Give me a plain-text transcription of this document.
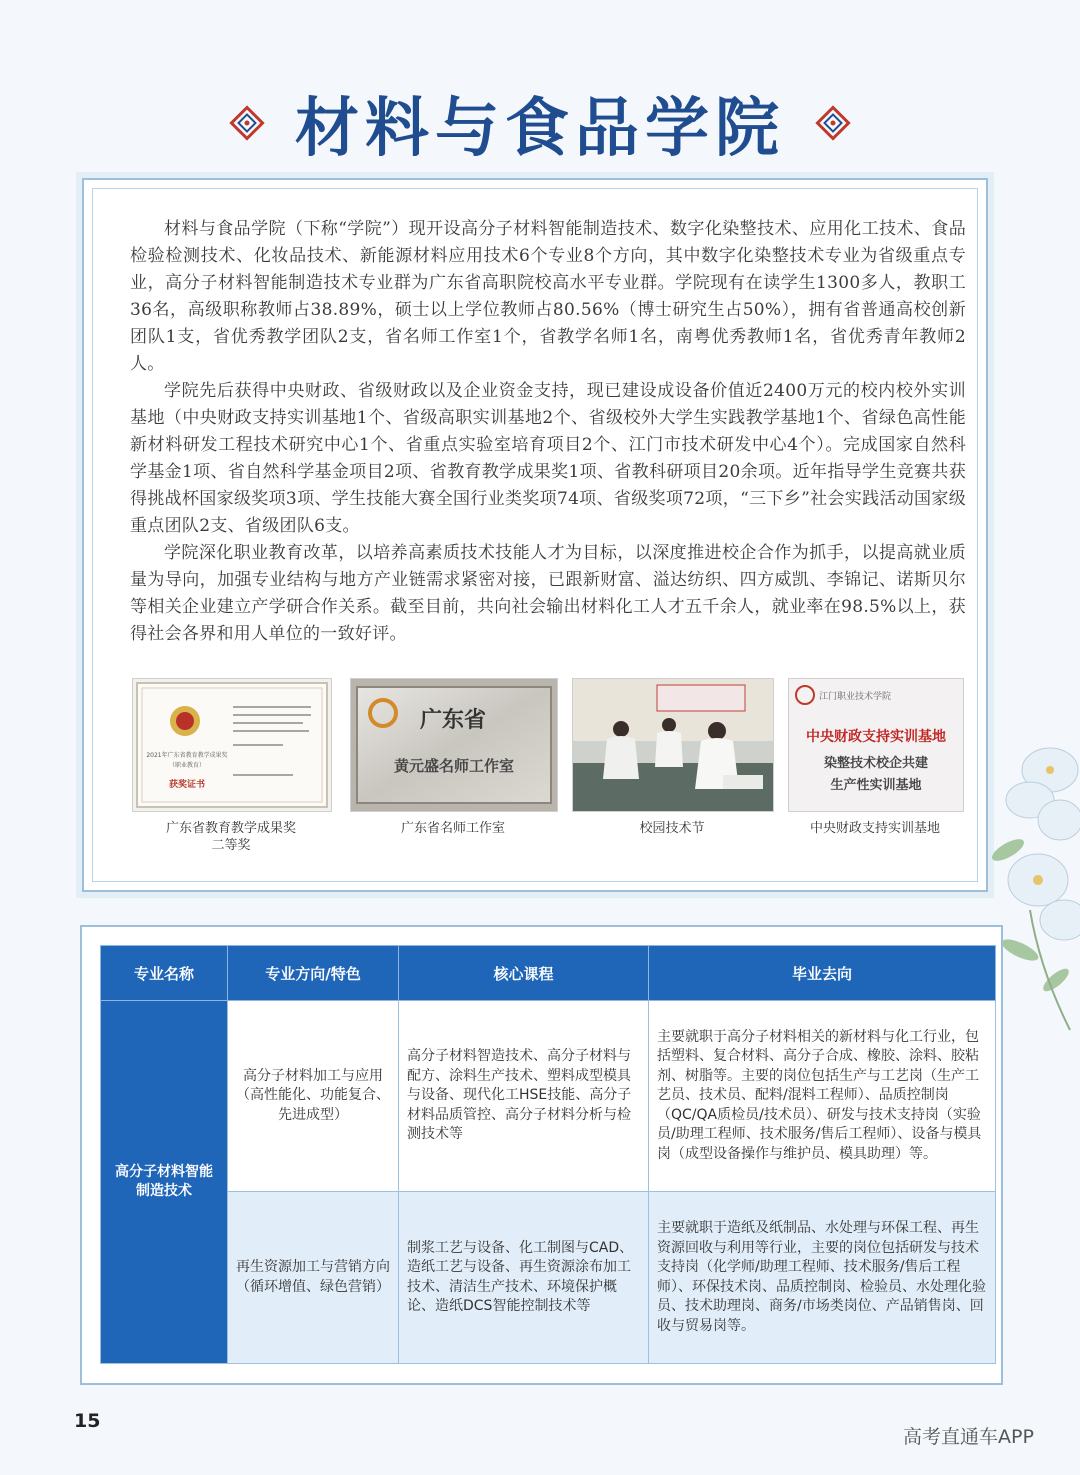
材料与食品学院

材料与食品学院（下称“学院”）现开设高分子材料智能制造技术、数字化染整技术、应用化工技术、食品检验检测技术、化妆品技术、新能源材料应用技术6个专业8个方向，其中数字化染整技术专业为省级重点专业，高分子材料智能制造技术专业群为广东省高职院校高水平专业群。学院现有在读学生1300多人，教职工36名，高级职称教师占38.89%，硕士以上学位教师占80.56%（博士研究生占50%），拥有省普通高校创新团队1支，省优秀教学团队2支，省名师工作室1个，省教学名师1名，南粤优秀教师1名，省优秀青年教师2人。

学院先后获得中央财政、省级财政以及企业资金支持，现已建设成设备价值近2400万元的校内校外实训基地（中央财政支持实训基地1个、省级高职实训基地2个、省级校外大学生实践教学基地1个、省绿色高性能新材料研发工程技术研究中心1个、省重点实验室培育项目2个、江门市技术研发中心4个）。完成国家自然科学基金1项、省自然科学基金项目2项、省教育教学成果奖1项、省教科研项目20余项。近年指导学生竞赛共获得挑战杯国家级奖项3项、学生技能大赛全国行业类奖项74项、省级奖项72项，“三下乡”社会实践活动国家级重点团队2支、省级团队6支。

学院深化职业教育改革，以培养高素质技术技能人才为目标，以深度推进校企合作为抓手，以提高就业质量为导向，加强专业结构与地方产业链需求紧密对接，已跟新财富、溢达纺织、四方威凯、李锦记、诺斯贝尔等相关企业建立产学研合作关系。截至目前，共向社会输出材料化工人才五千余人，就业率在98.5%以上，获得社会各界和用人单位的一致好评。

2021年广东省教育教学成果奖
（职业教育）
获奖证书
广东省教育教学成果奖
二等奖
广东省
黄元盛名师工作室
广东省名师工作室	校园技术节
江门职业技术学院
中央财政支持实训基地
染整技术校企共建
生产性实训基地
中央财政支持实训基地
专业名称	专业方向/特色	核心课程	毕业去向
高分子材料智能制造技术	高分子材料加工与应用（高性能化、功能复合、先进成型）	高分子材料智造技术、高分子材料与配方、涂料生产技术、塑料成型模具与设备、现代化工HSE技能、高分子材料品质管控、高分子材料分析与检测技术等	主要就职于高分子材料相关的新材料与化工行业，包括塑料、复合材料、高分子合成、橡胶、涂料、胶粘剂、树脂等。主要的岗位包括生产与工艺岗（生产工艺员、技术员、配料/混料工程师）、品质控制岗（QC/QA质检员/技术员）、研发与技术支持岗（实验员/助理工程师、技术服务/售后工程师）、设备与模具岗（成型设备操作与维护员、模具助理）等。
	再生资源加工与营销方向（循环增值、绿色营销）	制浆工艺与设备、化工制图与CAD、造纸工艺与设备、再生资源涂布加工技术、清洁生产技术、环境保护概论、造纸DCS智能控制技术等	主要就职于造纸及纸制品、水处理与环保工程、再生资源回收与利用等行业，主要的岗位包括研发与技术支持岗（化学师/助理工程师、技术服务/售后工程师）、环保技术岗、品质控制岗、检验员、水处理化验员、技术助理岗、商务/市场类岗位、产品销售岗、回收与贸易岗等。
15
高考直通车APP
